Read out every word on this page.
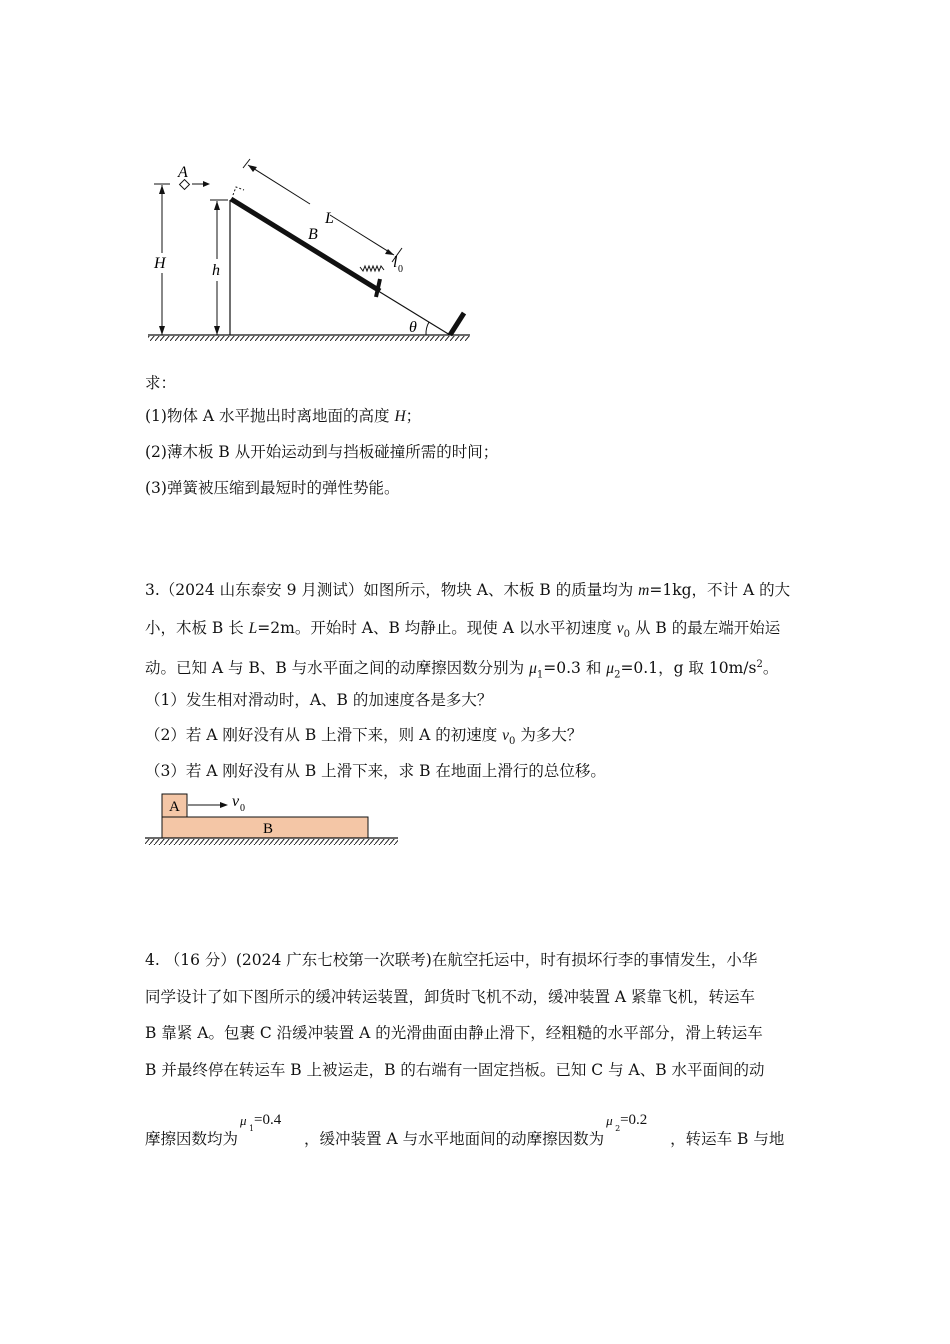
A
L
B
l 0
H	h
θ
求：
(1)物体 A 水平抛出时离地面的高度 H；
(2)薄木板 B 从开始运动到与挡板碰撞所需的时间；
(3)弹簧被压缩到最短时的弹性势能。
3.（2024 山东泰安 9 月测试）如图所示，物块 A、木板 B 的质量均为 m=1kg，不计 A 的大
小，木板 B 长 L=2m。开始时 A、B 均静止。现使 A 以水平初速度 $v_0$ 从 B 的最左端开始运
动。已知 A 与 B、B 与水平面之间的动摩擦因数分别为 $\mu_1=0.3$ 和 $\mu_2=0.1$，g 取 $10m/s^2$。
（1）发生相对滑动时，A、B 的加速度各是多大？
（2）若 A 刚好没有从 B 上滑下来，则 A 的初速度 $v_0$ 为多大？
（3）若 A 刚好没有从 B 上滑下来，求 B 在地面上滑行的总位移。
A
B
v 0
4. （16 分）(2024 广东七校第一次联考)在航空托运中，时有损坏行李的事情发生，小华
同学设计了如下图所示的缓冲转运装置，卸货时飞机不动，缓冲装置 A 紧靠飞机，转运车
B 靠紧 A。包裹 C 沿缓冲装置 A 的光滑曲面由静止滑下，经粗糙的水平部分，滑上转运车
B 并最终停在转运车 B 上被运走，B 的右端有一固定挡板。已知 C 与 A、B 水平面间的动
摩擦因数均为
μ
1
=0.4
，缓冲装置 A 与水平地面间的动摩擦因数为
μ
2
=0.2
，转运车 B 与地
